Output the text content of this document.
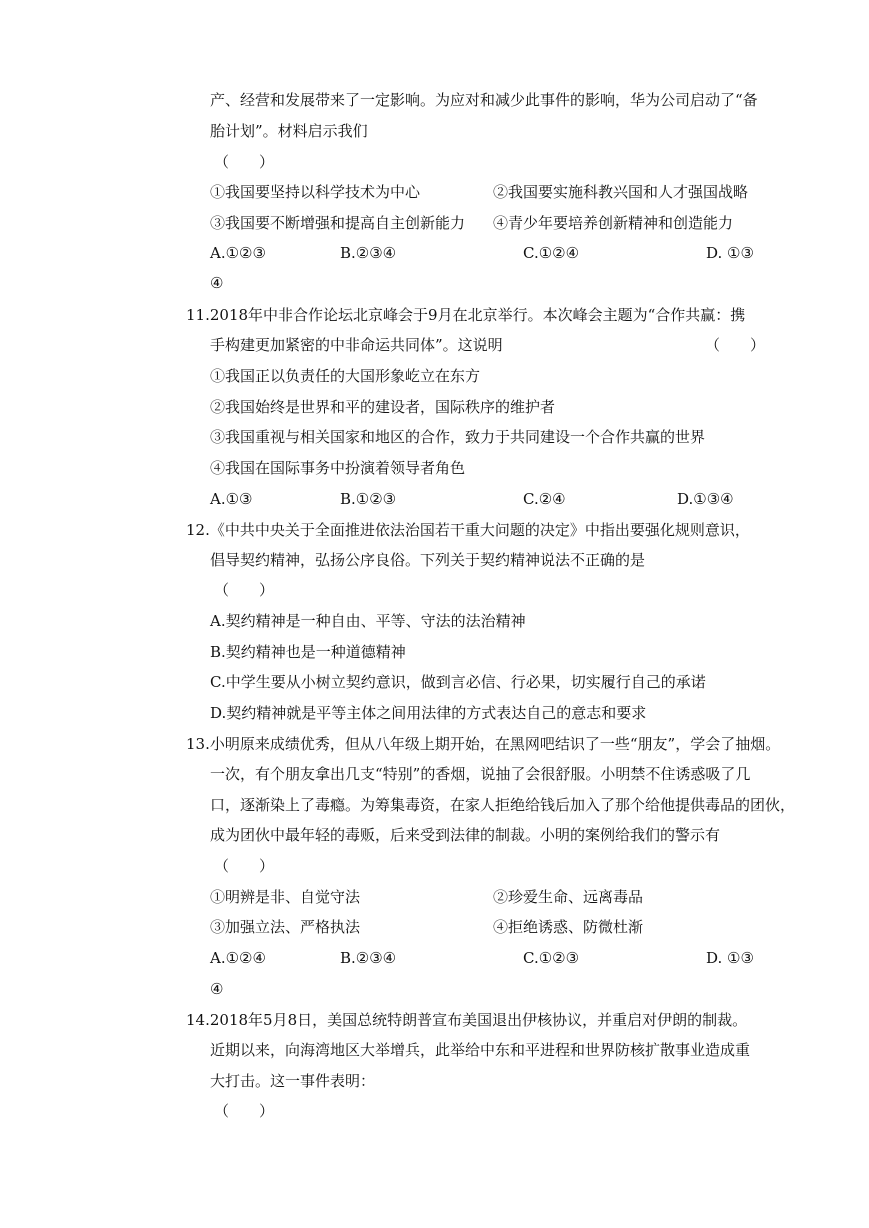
产、经营和发展带来了一定影响。为应对和减少此事件的影响，华为公司启动了“备
胎计划”。材料启示我们
（　　）
①我国要坚持以科学技术为中心	②我国要实施科教兴国和人才强国战略
③我国要不断增强和提高自主创新能力 ④青少年要培养创新精神和创造能力
A.①②③	B.②③④	C.①②④	D. ①③
④
11.2018年中非合作论坛北京峰会于9月在北京举行。本次峰会主题为“合作共赢：携
手构建更加紧密的中非命运共同体”。这说明	（　　）
①我国正以负责任的大国形象屹立在东方
②我国始终是世界和平的建设者，国际秩序的维护者
③我国重视与相关国家和地区的合作，致力于共同建设一个合作共赢的世界
④我国在国际事务中扮演着领导者角色
A.①③	B.①②③	C.②④	D.①③④
12.《中共中央关于全面推进依法治国若干重大问题的决定》中指出要强化规则意识，
倡导契约精神，弘扬公序良俗。下列关于契约精神说法不正确的是
（　　）
A.契约精神是一种自由、平等、守法的法治精神
B.契约精神也是一种道德精神
C.中学生要从小树立契约意识，做到言必信、行必果，切实履行自己的承诺
D.契约精神就是平等主体之间用法律的方式表达自己的意志和要求
13.小明原来成绩优秀，但从八年级上期开始，在黑网吧结识了一些“朋友”，学会了抽烟。
一次，有个朋友拿出几支“特别”的香烟，说抽了会很舒服。小明禁不住诱惑吸了几
口，逐渐染上了毒瘾。为筹集毒资，在家人拒绝给钱后加入了那个给他提供毒品的团伙，
成为团伙中最年轻的毒贩，后来受到法律的制裁。小明的案例给我们的警示有
（　　）
①明辨是非、自觉守法	②珍爱生命、远离毒品
③加强立法、严格执法	④拒绝诱惑、防微杜渐
A.①②④	B.②③④	C.①②③	D. ①③
④
14.2018年5月8日，美国总统特朗普宣布美国退出伊核协议，并重启对伊朗的制裁。
近期以来，向海湾地区大举增兵，此举给中东和平进程和世界防核扩散事业造成重
大打击。这一事件表明：
（　　）
